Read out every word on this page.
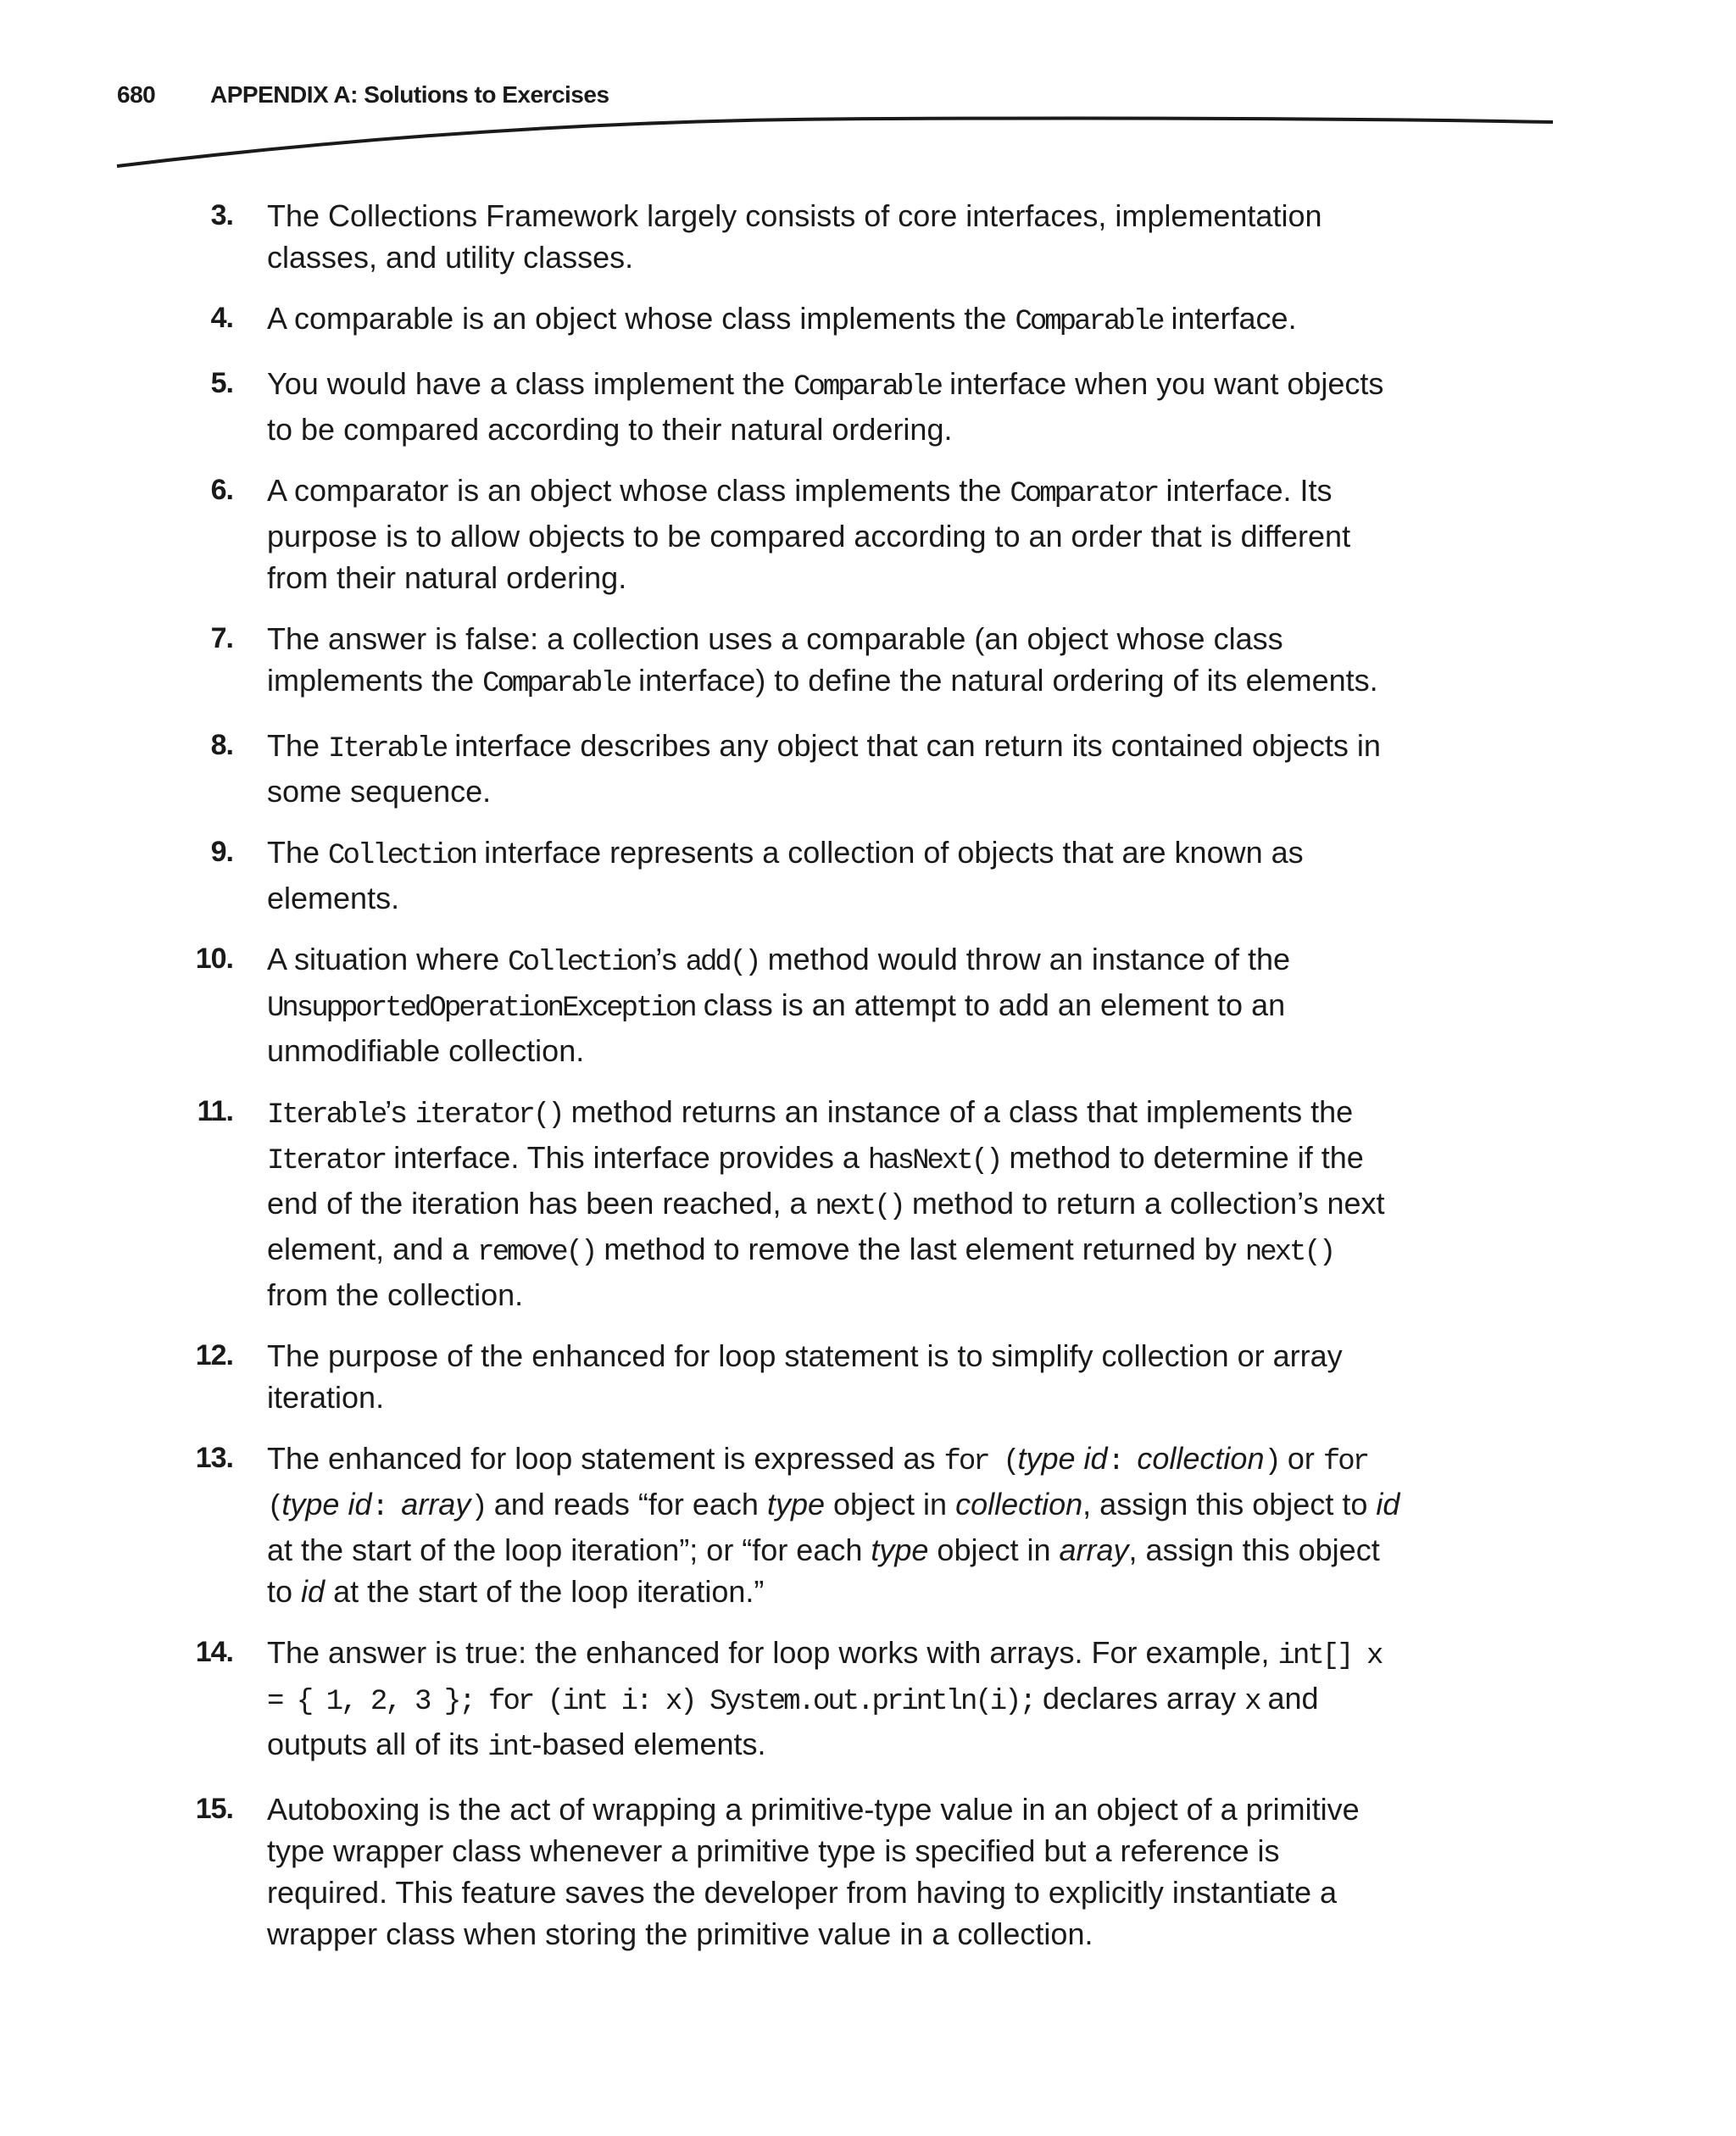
680 APPENDIX A: Solutions to Exercises
3. The Collections Framework largely consists of core interfaces, implementation classes, and utility classes.
4. A comparable is an object whose class implements the Comparable interface.
5. You would have a class implement the Comparable interface when you want objects to be compared according to their natural ordering.
6. A comparator is an object whose class implements the Comparator interface. Its purpose is to allow objects to be compared according to an order that is different from their natural ordering.
7. The answer is false: a collection uses a comparable (an object whose class implements the Comparable interface) to define the natural ordering of its elements.
8. The Iterable interface describes any object that can return its contained objects in some sequence.
9. The Collection interface represents a collection of objects that are known as elements.
10. A situation where Collection’s add() method would throw an instance of the UnsupportedOperationException class is an attempt to add an element to an unmodifiable collection.
11. Iterable’s iterator() method returns an instance of a class that implements the Iterator interface. This interface provides a hasNext() method to determine if the end of the iteration has been reached, a next() method to return a collection’s next element, and a remove() method to remove the last element returned by next() from the collection.
12. The purpose of the enhanced for loop statement is to simplify collection or array iteration.
13. The enhanced for loop statement is expressed as for (type id: collection) or for (type id: array) and reads “for each type object in collection, assign this object to id at the start of the loop iteration”; or “for each type object in array, assign this object to id at the start of the loop iteration.”
14. The answer is true: the enhanced for loop works with arrays. For example, int[] x = { 1, 2, 3 }; for (int i: x) System.out.println(i); declares array x and outputs all of its int-based elements.
15. Autoboxing is the act of wrapping a primitive-type value in an object of a primitive type wrapper class whenever a primitive type is specified but a reference is required. This feature saves the developer from having to explicitly instantiate a wrapper class when storing the primitive value in a collection.
